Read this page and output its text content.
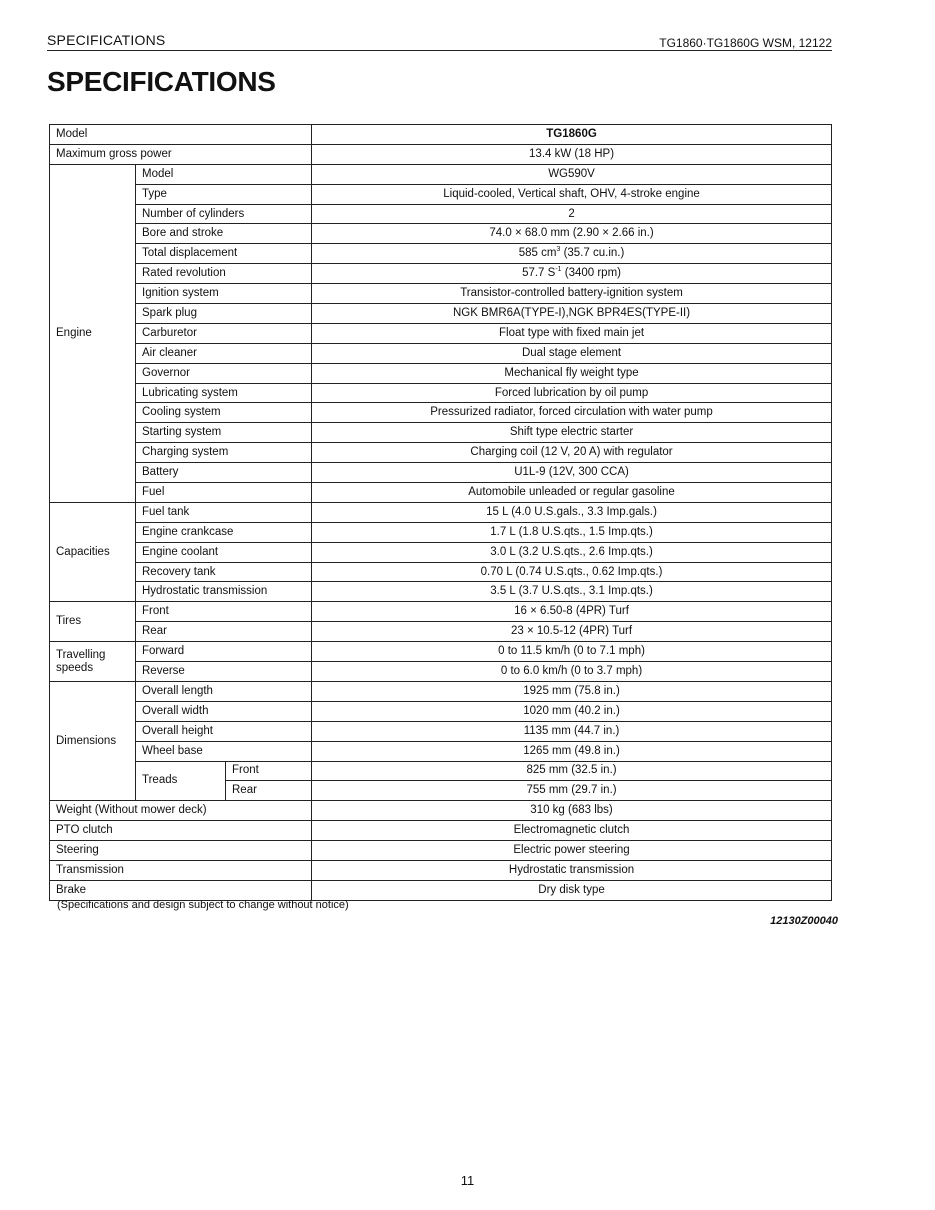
SPECIFICATIONS	TG1860·TG1860G WSM, 12122
SPECIFICATIONS
Model			TG1860G
Maximum gross power			13.4 kW (18 HP)
Engine	Model		WG590V
	Type		Liquid-cooled, Vertical shaft, OHV, 4-stroke engine
	Number of cylinders		2
	Bore and stroke		74.0 × 68.0 mm (2.90 × 2.66 in.)
	Total displacement		585 $cm^3$ (35.7 cu.in.)
	Rated revolution		57.7 $S^{-1}$ (3400 rpm)
	Ignition system		Transistor-controlled battery-ignition system
	Spark plug		NGK BMR6A(TYPE-I),NGK BPR4ES(TYPE-II)
	Carburetor		Float type with fixed main jet
	Air cleaner		Dual stage element
	Governor		Mechanical fly weight type
	Lubricating system		Forced lubrication by oil pump
	Cooling system		Pressurized radiator, forced circulation with water pump
	Starting system		Shift type electric starter
	Charging system		Charging coil (12 V, 20 A) with regulator
	Battery		U1L-9 (12V, 300 CCA)
	Fuel		Automobile unleaded or regular gasoline
Capacities	Fuel tank		15 L (4.0 U.S.gals., 3.3 Imp.gals.)
	Engine crankcase		1.7 L (1.8 U.S.qts., 1.5 Imp.qts.)
	Engine coolant		3.0 L (3.2 U.S.qts., 2.6 Imp.qts.)
	Recovery tank		0.70 L (0.74 U.S.qts., 0.62 Imp.qts.)
	Hydrostatic transmission		3.5 L (3.7 U.S.qts., 3.1 Imp.qts.)
Tires	Front		16 × 6.50-8 (4PR) Turf
	Rear		23 × 10.5-12 (4PR) Turf

Travelling
speeds	Forward		0 to 11.5 km/h (0 to 7.1 mph)
	Reverse		0 to 6.0 km/h (0 to 3.7 mph)
Dimensions	Overall length		1925 mm (75.8 in.)
	Overall width		1020 mm (40.2 in.)
	Overall height		1135 mm (44.7 in.)
	Wheel base		1265 mm (49.8 in.)
	Treads	Front	825 mm (32.5 in.)
		Rear	755 mm (29.7 in.)
Weight (Without mower deck)			310 kg (683 lbs)
PTO clutch			Electromagnetic clutch
Steering			Electric power steering
Transmission			Hydrostatic transmission
Brake			Dry disk type
(Specifications and design subject to change without notice)
12130Z00040
11
